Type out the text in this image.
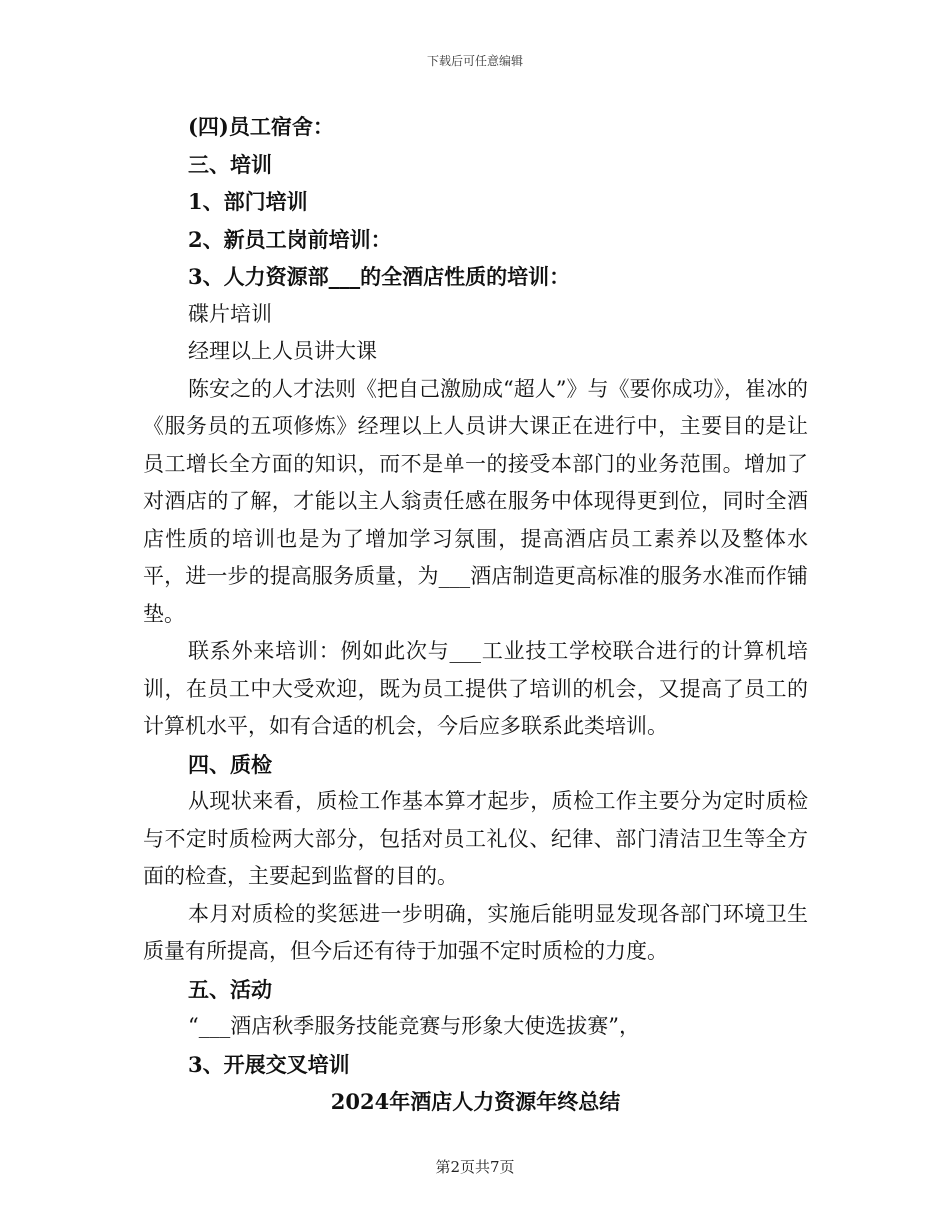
下载后可任意编辑
(四)员工宿舍：
三、培训
1、部门培训
2、新员工岗前培训：
3、人力资源部___的全酒店性质的培训：
碟片培训
经理以上人员讲大课
陈安之的人才法则《把自己激励成“超人”》与《要你成功》，崔冰的《服务员的五项修炼》经理以上人员讲大课正在进行中，主要目的是让员工增长全方面的知识，而不是单一的接受本部门的业务范围。增加了对酒店的了解，才能以主人翁责任感在服务中体现得更到位，同时全酒店性质的培训也是为了增加学习氛围，提高酒店员工素养以及整体水平，进一步的提高服务质量，为___酒店制造更高标准的服务水准而作铺垫。
联系外来培训：例如此次与___工业技工学校联合进行的计算机培训，在员工中大受欢迎，既为员工提供了培训的机会，又提高了员工的计算机水平，如有合适的机会，今后应多联系此类培训。
四、质检
从现状来看，质检工作基本算才起步，质检工作主要分为定时质检与不定时质检两大部分，包括对员工礼仪、纪律、部门清洁卫生等全方面的检查，主要起到监督的目的。
本月对质检的奖惩进一步明确，实施后能明显发现各部门环境卫生质量有所提高，但今后还有待于加强不定时质检的力度。
五、活动
“___酒店秋季服务技能竞赛与形象大使选拔赛”，
3、开展交叉培训
2024年酒店人力资源年终总结
第2页共7页
